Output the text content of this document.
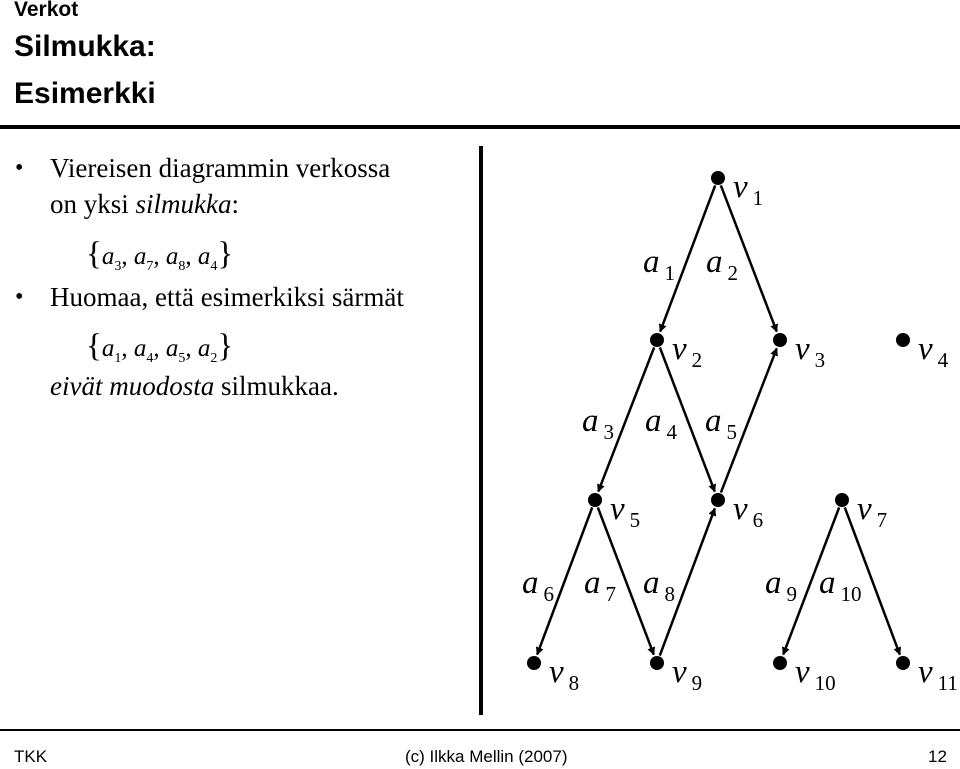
Verkot
Silmukka:
Esimerkki
• Viereisen diagrammin verkossa
on yksi silmukka:
{$a_3$, $a_7$, $a_8$, $a_4$}
• Huomaa, että esimerkiksi särmät
{$a_1$, $a_4$, $a_5$, $a_2$}
eivät muodosta silmukkaa.
a $_1$ a $_2$
a $_3$ a $_4$ a $_5$
a $_6$ a $_7$ a $_8$	a $_9$ a $_{10}$
v $_1$
v $_2$	v $_3$	v $_4$
v $_5$	v $_6$	v $_7$
v $_8$	v $_9$	v $_{10}$ v $_{11}$
TKK	(c) Ilkka Mellin (2007)	12
